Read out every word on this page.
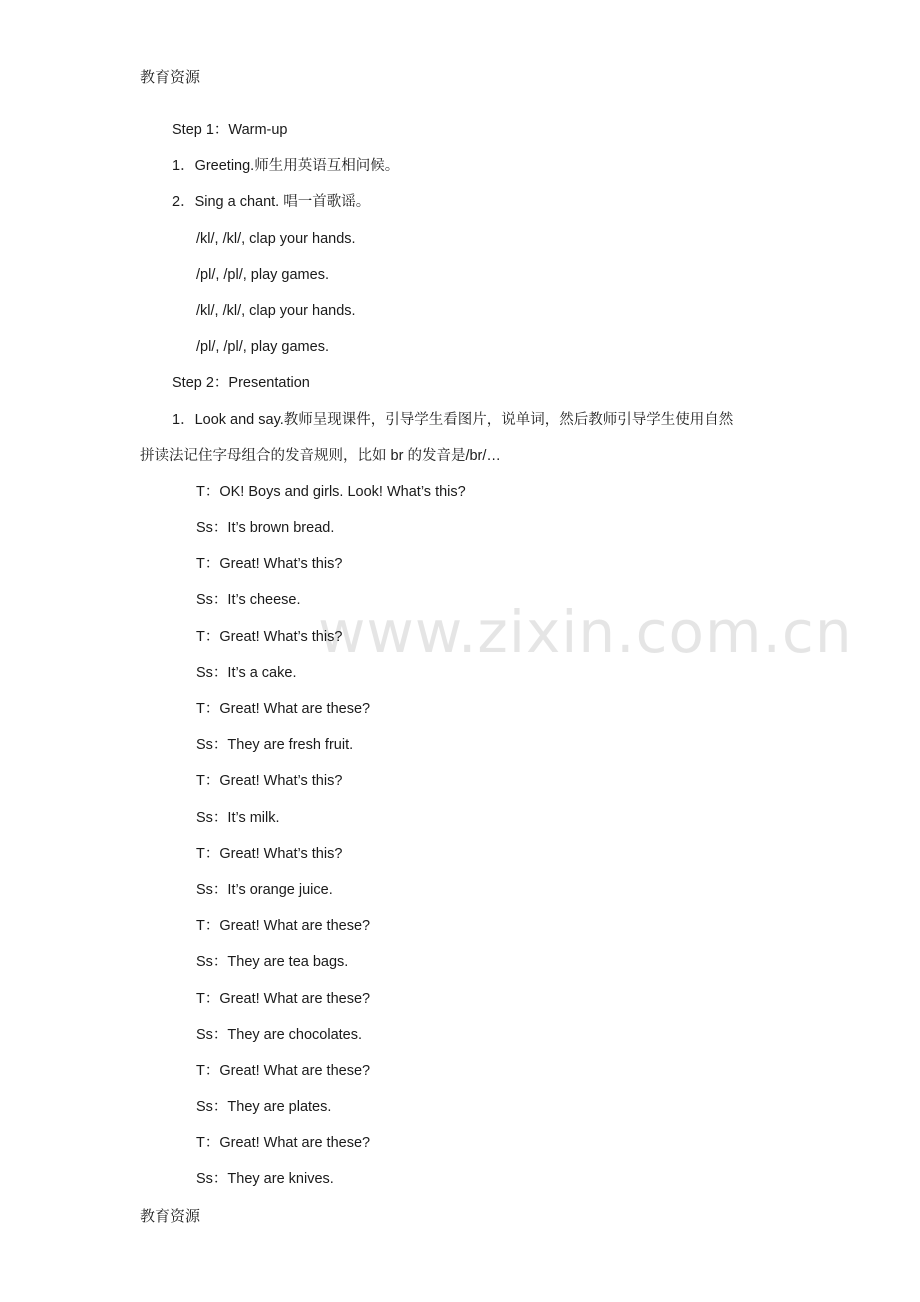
教育资源
www.zixin.com.cn
Step 1：Warm-up
1．Greeting.师生用英语互相问候。
2．Sing a chant. 唱一首歌谣。
/kl/, /kl/, clap your hands.
/pl/, /pl/, play games.
/kl/, /kl/, clap your hands.
/pl/, /pl/, play games.
Step 2：Presentation
1．Look and say.教师呈现课件，引导学生看图片，说单词，然后教师引导学生使用自然
拼读法记住字母组合的发音规则，比如 br 的发音是/br/…
T：OK! Boys and girls. Look! What’s this?
Ss：It’s brown bread.
T：Great! What’s this?
Ss：It’s cheese.
T：Great! What’s this?
Ss：It’s a cake.
T：Great! What are these?
Ss：They are fresh fruit.
T：Great! What’s this?
Ss：It’s milk.
T：Great! What’s this?
Ss：It’s orange juice.
T：Great! What are these?
Ss：They are tea bags.
T：Great! What are these?
Ss：They are chocolates.
T：Great! What are these?
Ss：They are plates.
T：Great! What are these?
Ss：They are knives.
教育资源
